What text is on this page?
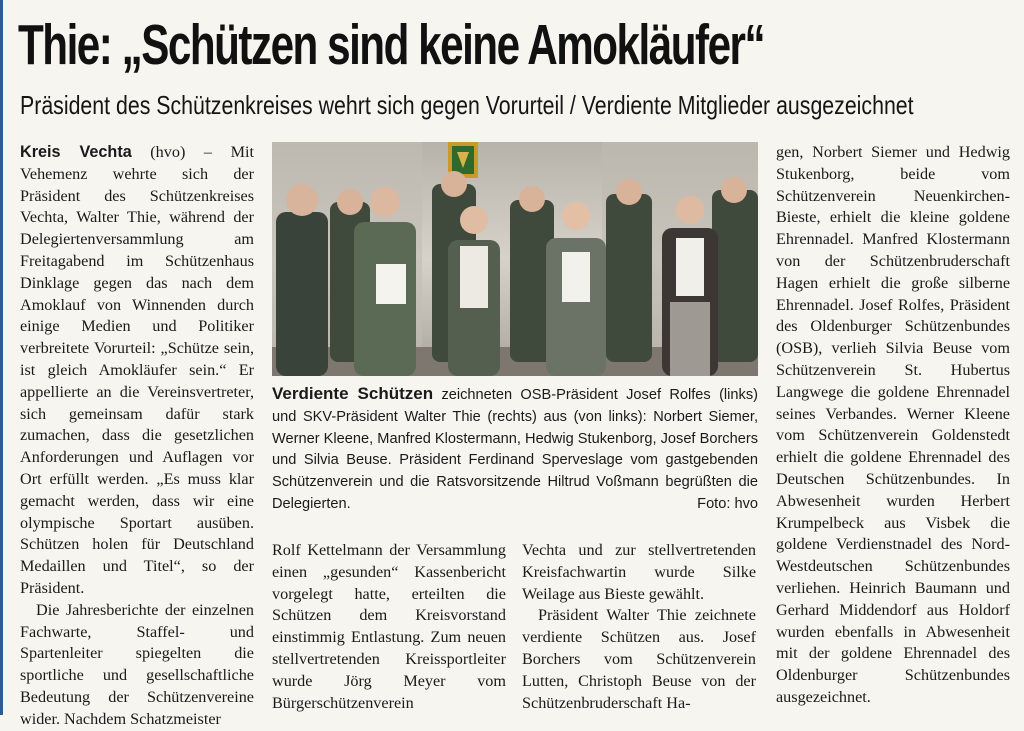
Thie: „Schützen sind keine Amokläufer“
Präsident des Schützenkreises wehrt sich gegen Vorurteil / Verdiente Mitglieder ausgezeichnet

Kreis Vechta (hvo) – Mit Vehemenz wehrte sich der Präsident des Schützenkreises Vechta, Walter Thie, während der Delegiertenversammlung am Freitagabend im Schützenhaus Dinklage gegen das nach dem Amoklauf von Winnenden durch einige Medien und Politiker verbreitete Vorurteil: „Schütze sein, ist gleich Amokläufer sein.“ Er appellierte an die Vereinsvertreter, sich gemeinsam dafür stark zumachen, dass die gesetzlichen Anforderungen und Auflagen vor Ort erfüllt werden. „Es muss klar gemacht werden, dass wir eine olympische Sportart ausüben. Schützen holen für Deutschland Medaillen und Titel“, so der Präsident.

Die Jahresberichte der einzelnen Fachwarte, Staffel- und Spartenleiter spiegelten die sportliche und gesellschaftliche Bedeutung der Schützenvereine wider. Nachdem Schatzmeister

Verdiente Schützen zeichneten OSB-Präsident Josef Rolfes (links) und SKV-Präsident Walter Thie (rechts) aus (von links): Norbert Siemer, Werner Kleene, Manfred Klostermann, Hedwig Stukenborg, Josef Borchers und Silvia Beuse. Präsident Ferdinand Sperveslage vom gastgebenden Schützenverein und die Ratsvorsitzende Hiltrud Voßmann begrüßten die Delegierten.	Foto: hvo

Rolf Kettelmann der Versammlung einen „gesunden“ Kassenbericht vorgelegt hatte, erteilten die Schützen dem Kreisvorstand einstimmig Entlastung. Zum neuen stellvertretenden Kreissportleiter wurde Jörg Meyer vom Bürgerschützenverein

Vechta und zur stellvertretenden Kreisfachwartin wurde Silke Weilage aus Bieste gewählt.

Präsident Walter Thie zeichnete verdiente Schützen aus. Josef Borchers vom Schützenverein Lutten, Christoph Beuse von der Schützenbruderschaft Ha-

gen, Norbert Siemer und Hedwig Stukenborg, beide vom Schützenverein Neuenkirchen-Bieste, erhielt die kleine goldene Ehrennadel. Manfred Klostermann von der Schützenbruderschaft Hagen erhielt die große silberne Ehrennadel. Josef Rolfes, Präsident des Oldenburger Schützenbundes (OSB), verlieh Silvia Beuse vom Schützenverein St. Hubertus Langwege die goldene Ehrennadel seines Verbandes. Werner Kleene vom Schützenverein Goldenstedt erhielt die goldene Ehrennadel des Deutschen Schützenbundes. In Abwesenheit wurden Herbert Krumpelbeck aus Visbek die goldene Verdienstnadel des Nord-Westdeutschen Schützenbundes verliehen. Heinrich Baumann und Gerhard Middendorf aus Holdorf wurden ebenfalls in Abwesenheit mit der goldene Ehrennadel des Oldenburger Schützenbundes ausgezeichnet.
